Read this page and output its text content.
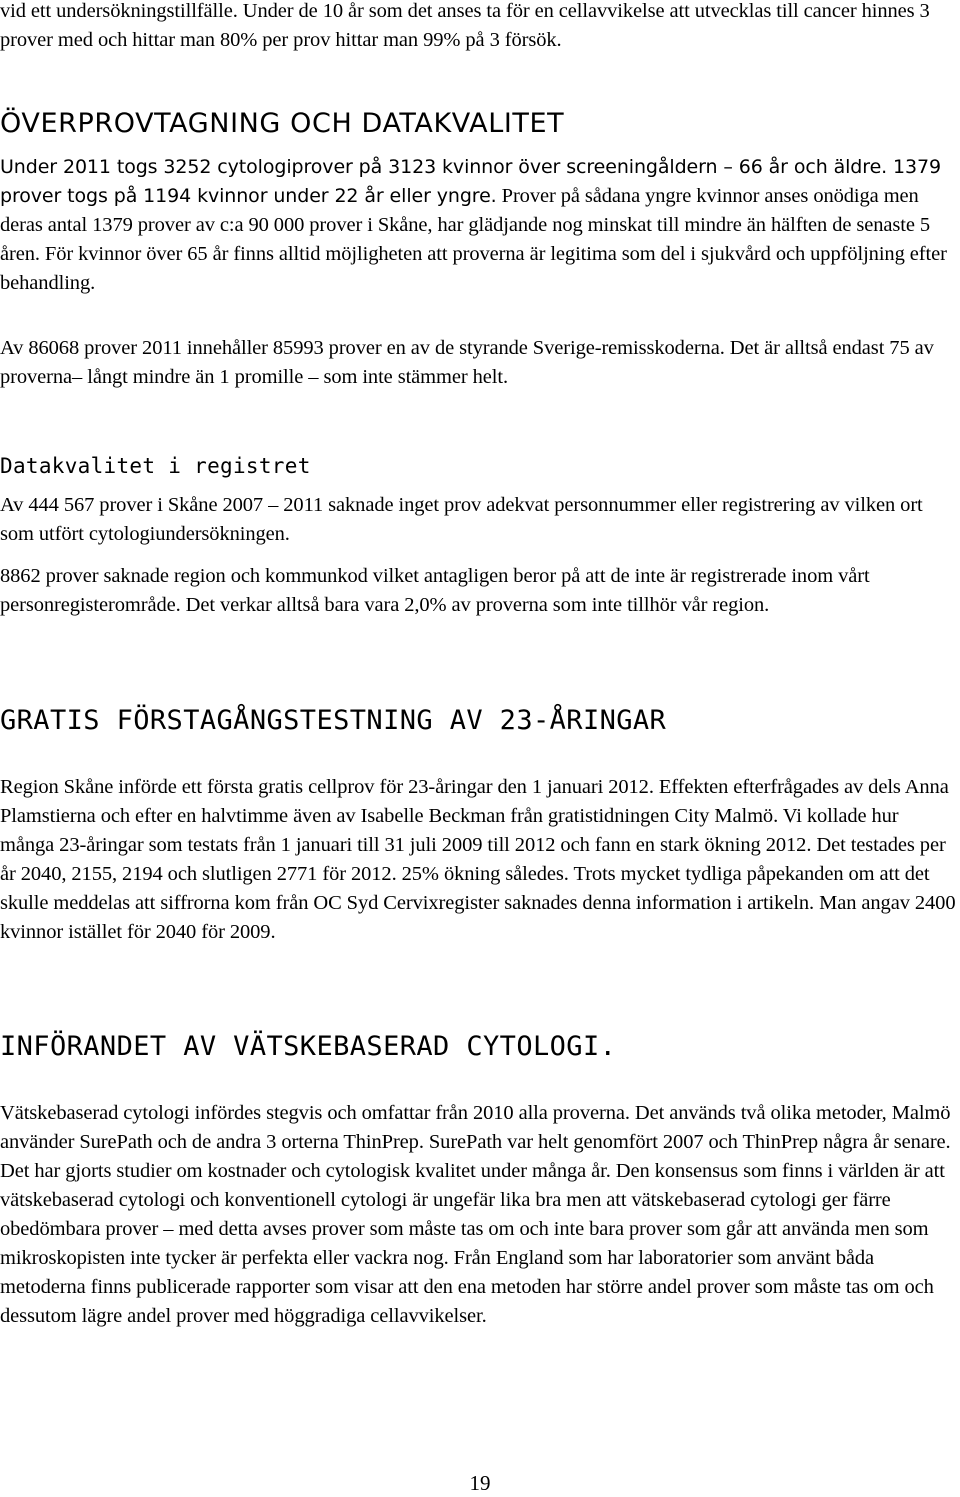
vid ett undersökningstillfälle. Under de 10 år som det anses ta för en cellavvikelse att utvecklas till cancer hinnes 3 prover med och hittar man 80% per prov hittar man 99% på 3 försök.

ÖVERPROVTAGNING OCH DATAKVALITET

Under 2011 togs 3252 cytologiprover på 3123 kvinnor över screeningåldern – 66 år och äldre. 1379 prover togs på 1194 kvinnor under 22 år eller yngre. Prover på sådana yngre kvinnor anses onödiga men deras antal 1379 prover av c:a 90 000 prover i Skåne, har glädjande nog minskat till mindre än hälften de senaste 5 åren. För kvinnor över 65 år finns alltid möjligheten att proverna är legitima som del i sjukvård och uppföljning efter behandling.

Av 86068 prover 2011 innehåller 85993 prover en av de styrande Sverige-remisskoderna. Det är alltså endast 75 av proverna– långt mindre än 1 promille – som inte stämmer helt.

Datakvalitet i registret

Av 444 567 prover i Skåne 2007 – 2011 saknade inget prov adekvat personnummer eller registrering av vilken ort som utfört cytologiundersökningen.

8862 prover saknade region och kommunkod vilket antagligen beror på att de inte är registrerade inom vårt personregisterområde. Det verkar alltså bara vara 2,0% av proverna som inte tillhör vår region.

GRATIS FÖRSTAGÅNGSTESTNING AV 23-ÅRINGAR

Region Skåne införde ett första gratis cellprov för 23-åringar den 1 januari 2012. Effekten efterfrågades av dels Anna Plamstierna och efter en halvtimme även av Isabelle Beckman från gratistidningen City Malmö. Vi kollade hur många 23-åringar som testats från 1 januari till 31 juli 2009 till 2012 och fann en stark ökning 2012. Det testades per år 2040, 2155, 2194 och slutligen 2771 för 2012. 25% ökning således. Trots mycket tydliga påpekanden om att det skulle meddelas att siffrorna kom från OC Syd Cervixregister saknades denna information i artikeln. Man angav 2400 kvinnor istället för 2040 för 2009.

INFÖRANDET AV VÄTSKEBASERAD CYTOLOGI.

Vätskebaserad cytologi infördes stegvis och omfattar från 2010 alla proverna. Det används två olika metoder, Malmö använder SurePath och de andra 3 orterna ThinPrep. SurePath var helt genomfört 2007 och ThinPrep några år senare. Det har gjorts studier om kostnader och cytologisk kvalitet under många år. Den konsensus som finns i världen är att vätskebaserad cytologi och konventionell cytologi är ungefär lika bra men att vätskebaserad cytologi ger färre obedömbara prover – med detta avses prover som måste tas om och inte bara prover som går att använda men som mikroskopisten inte tycker är perfekta eller vackra nog. Från England som har laboratorier som använt båda metoderna finns publicerade rapporter som visar att den ena metoden har större andel prover som måste tas om och dessutom lägre andel prover med höggradiga cellavvikelser.

19
